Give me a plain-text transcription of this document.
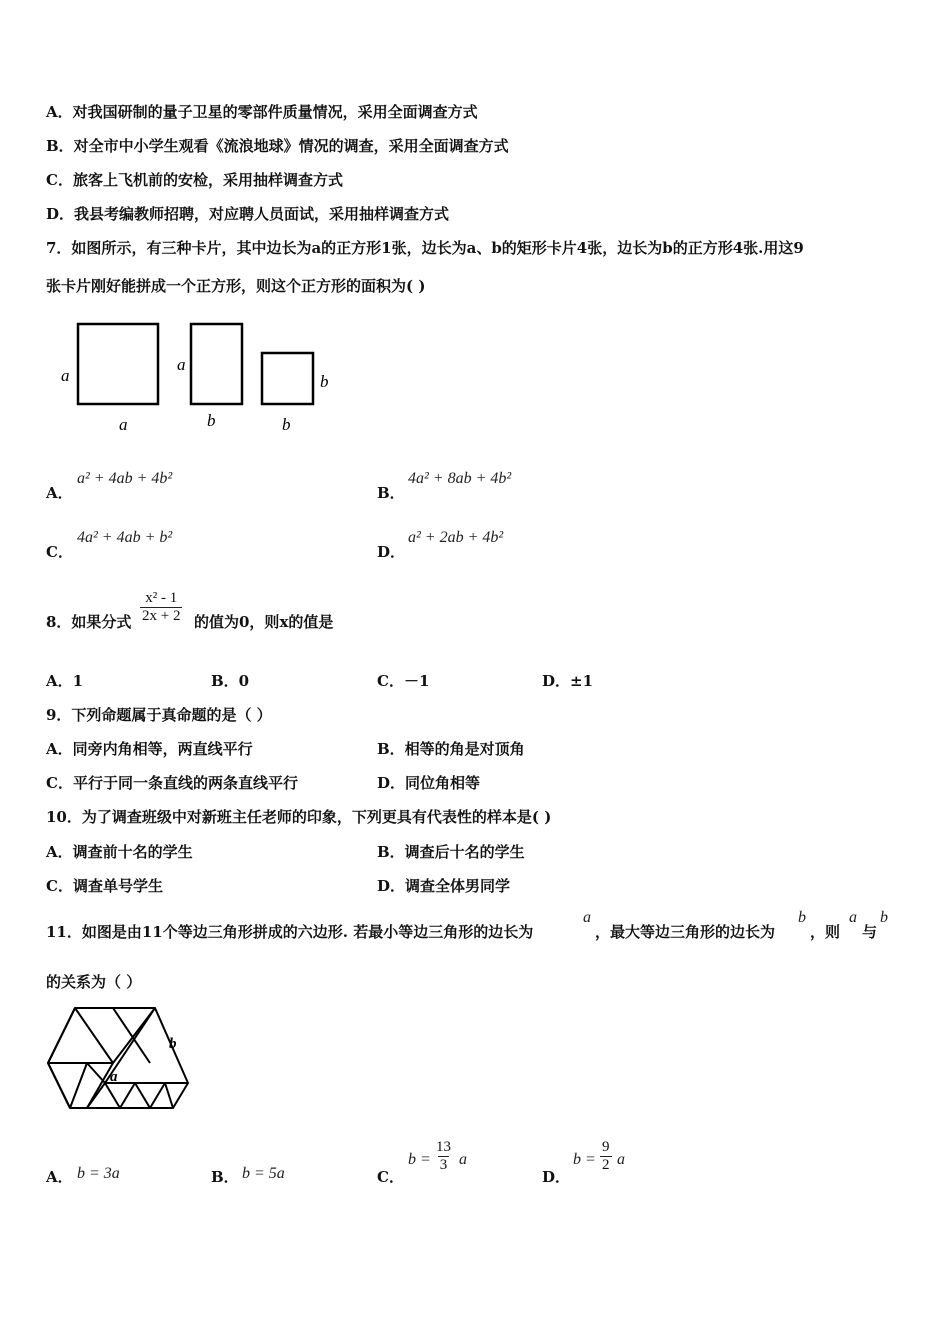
A．对我国研制的量子卫星的零部件质量情况，采用全面调查方式
B．对全市中小学生观看《流浪地球》情况的调查，采用全面调查方式
C．旅客上飞机前的安检，采用抽样调查方式
D．我县考编教师招聘，对应聘人员面试，采用抽样调查方式
7．如图所示，有三种卡片，其中边长为a的正方形1张，边长为a、b的矩形卡片4张，边长为b的正方形4张.用这9
张卡片刚好能拼成一个正方形，则这个正方形的面积为( )
a
a
a
b
b
b
A．
a² + 4ab + 4b²
B．
4a² + 8ab + 4b²
C．
4a² + 4ab + b²
D．
a² + 2ab + 4b²
8．如果分式 $\frac{\text{x² - 1}}{2x + 2}$ 的值为0，则x的值是
A．1	B．0	C．－1	D．±1
9．下列命题属于真命题的是（ ）
A．同旁内角相等，两直线平行	B．相等的角是对顶角
C．平行于同一条直线的两条直线平行	D．同位角相等
10．为了调查班级中对新班主任老师的印象，下列更具有代表性的样本是( )
A．调查前十名的学生	B．调查后十名的学生
C．调查单号学生	D．调查全体男同学
11．如图是由11个等边三角形拼成的六边形. 若最小等边三角形的边长为
a
，最大等边三角形的边长为
b
，则
a
与
b
的关系为（ ）
b
a
A． b = 3a	B． b = 5a	C．
$b = \frac{13}{3}$ a
D．
$b = \frac{9}{2}$ a
